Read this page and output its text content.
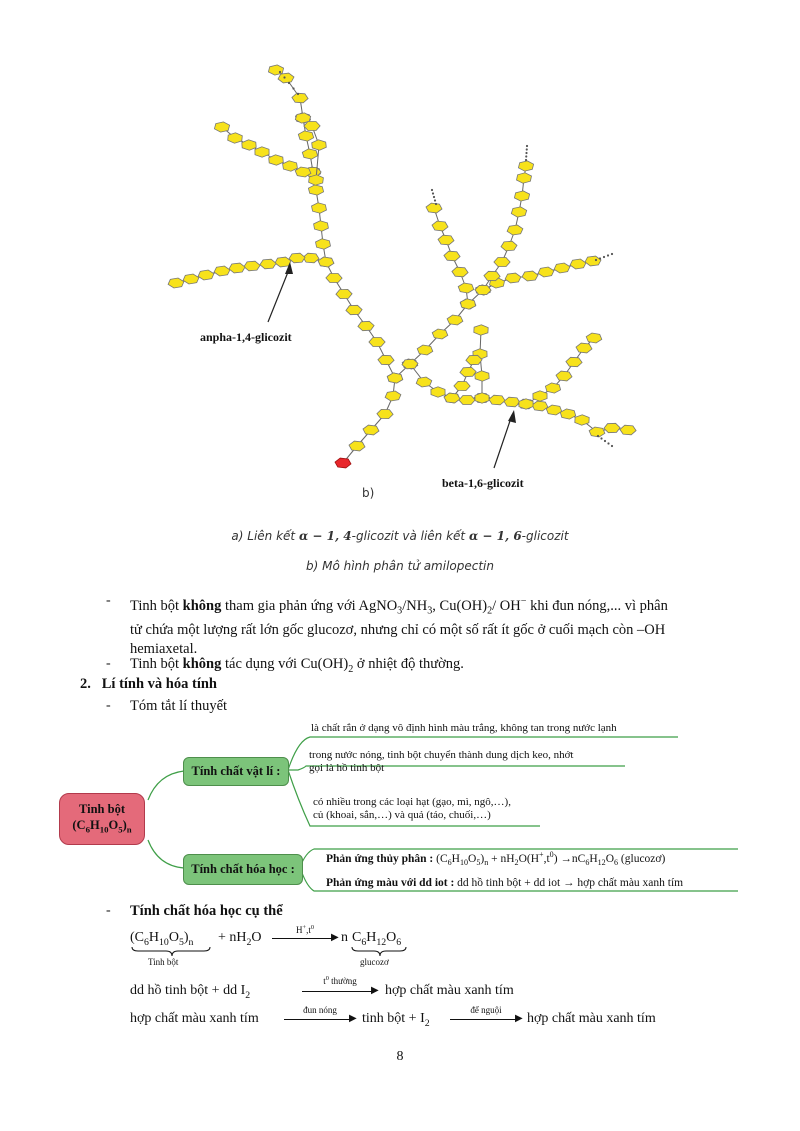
anpha-1,4-glicozit
beta-1,6-glicozit
b)
a) Liên kết α − 1, 4-glicozit và liên kết α − 1, 6-glicozit
b) Mô hình phân tử amilopectin
- Tinh bột không tham gia phản ứng với $AgNO_3/NH_3$, $Cu(OH)_2/$ OH− khi đun nóng,... vì phân
tử chứa một lượng rất lớn gốc glucozơ, nhưng chỉ có một số rất ít gốc ở cuối mạch còn –OH
hemiaxetal.
- Tinh bột không tác dụng với $Cu(OH)_2$ ở nhiệt độ thường.
2. Lí tính và hóa tính
- Tóm tắt lí thuyết
Tinh bột
$(C_6H_{10}O_5)_n$
Tính chất vật lí :
Tính chất hóa học :
là chất rắn ở dạng vô định hình màu trắng, không tan trong nước lạnh
trong nước nóng, tinh bột chuyển thành dung dịch keo, nhớt
gọi là hồ tinh bột
có nhiều trong các loại hạt (gạo, mì, ngô,…),
củ (khoai, sắn,…) và quả (táo, chuối,…)
Phản ứng thủy phân : $(C_6H_{10}O_5)_n + nH_2O(H^+,t^0) \to nC_6H_{12}O_6$ (glucozơ)
Phản ứng màu với dd iot : dd hồ tinh bột + dd iot → hợp chất màu xanh tím
- Tính chất hóa học cụ thể
$(C_6H_{10}O_5)_n + nH_2O$	$H^+,t^0$
▶ n $C_6H_{12}O_6$
Tinh bột	glucozơ
dd hồ tinh bột + dd $I_2$
$t^0$ thường
▶ hợp chất màu xanh tím
hợp chất màu xanh tím
đun nóng
▶ tinh bột + $I_2$
để nguội
▶ hợp chất màu xanh tím
8
